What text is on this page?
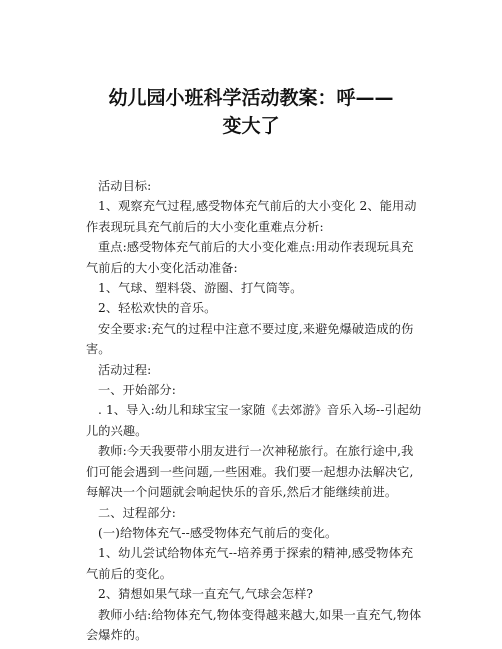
幼儿园小班科学活动教案：呼——
变大了

活动目标:

1、观察充气过程,感受物体充气前后的大小变化 2、能用动作表现玩具充气前后的大小变化重难点分析:

重点:感受物体充气前后的大小变化难点:用动作表现玩具充气前后的大小变化活动准备:

1、气球、塑料袋、游圈、打气筒等。

2、轻松欢快的音乐。

安全要求:充气的过程中注意不要过度,来避免爆破造成的伤害。

活动过程:

一、开始部分:

. 1、导入:幼儿和球宝宝一家随《去郊游》音乐入场--引起幼儿的兴趣。

教师:今天我要带小朋友进行一次神秘旅行。在旅行途中,我们可能会遇到一些问题,一些困难。我们要一起想办法解决它,每解决一个问题就会响起快乐的音乐,然后才能继续前进。

二、过程部分:

(一)给物体充气--感受物体充气前后的变化。

1、幼儿尝试给物体充气--培养勇于探索的精神,感受物体充气前后的变化。

2、猜想如果气球一直充气,气球会怎样?

教师小结:给物体充气,物体变得越来越大,如果一直充气,物体会爆炸的。
